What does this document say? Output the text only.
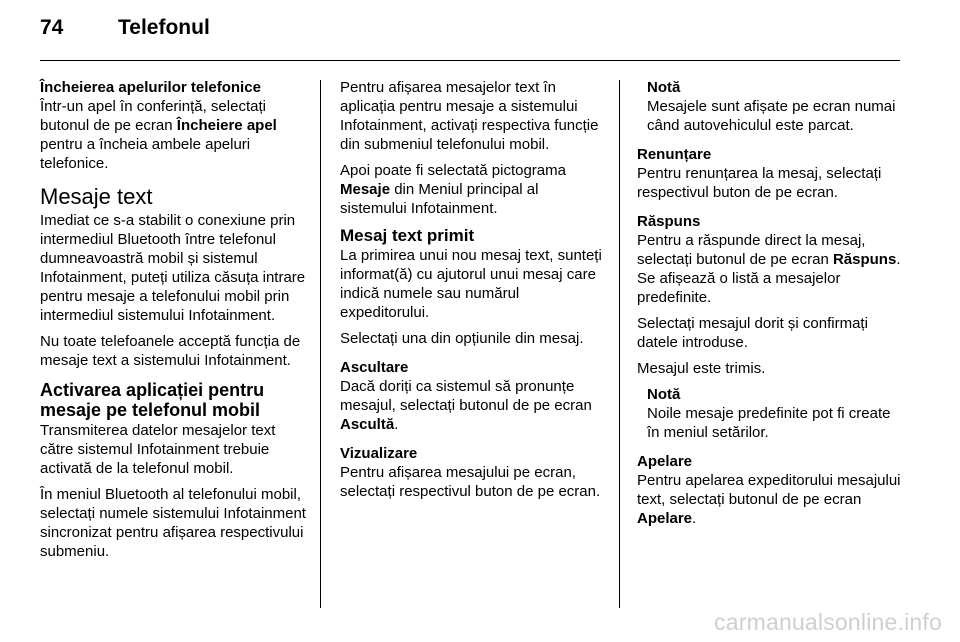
74	Telefonul
Încheierea apelurilor telefonice

Într-un apel în conferință, selectați butonul de pe ecran Încheiere apel pentru a încheia ambele apeluri telefonice.

Mesaje text

Imediat ce s-a stabilit o conexiune prin intermediul Bluetooth între telefonul dumneavoastră mobil și sistemul Infotainment, puteți utiliza căsuța intrare pentru mesaje a telefonului mobil prin intermediul sistemului Infotainment.

Nu toate telefoanele acceptă funcția de mesaje text a sistemului Infotainment.

Activarea aplicației pentru mesaje pe telefonul mobil

Transmiterea datelor mesajelor text către sistemul Infotainment trebuie activată de la telefonul mobil.

În meniul Bluetooth al telefonului mobil, selectați numele sistemului Infotainment sincronizat pentru afișarea respectivului submeniu.

Pentru afișarea mesajelor text în aplicația pentru mesaje a sistemului Infotainment, activați respectiva funcție din submeniul telefonului mobil.

Apoi poate fi selectată pictograma Mesaje din Meniul principal al sistemului Infotainment.

Mesaj text primit

La primirea unui nou mesaj text, sunteți informat(ă) cu ajutorul unui mesaj care indică numele sau numărul expeditorului.

Selectați una din opțiunile din mesaj.

Ascultare

Dacă doriți ca sistemul să pronunțe mesajul, selectați butonul de pe ecran Ascultă.

Vizualizare

Pentru afișarea mesajului pe ecran, selectați respectivul buton de pe ecran.

Notă
Mesajele sunt afișate pe ecran numai când autovehiculul este parcat.
Renunțare

Pentru renunțarea la mesaj, selectați respectivul buton de pe ecran.

Răspuns

Pentru a răspunde direct la mesaj, selectați butonul de pe ecran Răspuns. Se afișează o listă a mesajelor predefinite.

Selectați mesajul dorit și confirmați datele introduse.

Mesajul este trimis.

Notă
Noile mesaje predefinite pot fi create în meniul setărilor.
Apelare

Pentru apelarea expeditorului mesajului text, selectați butonul de pe ecran Apelare.

carmanualsonline.info
